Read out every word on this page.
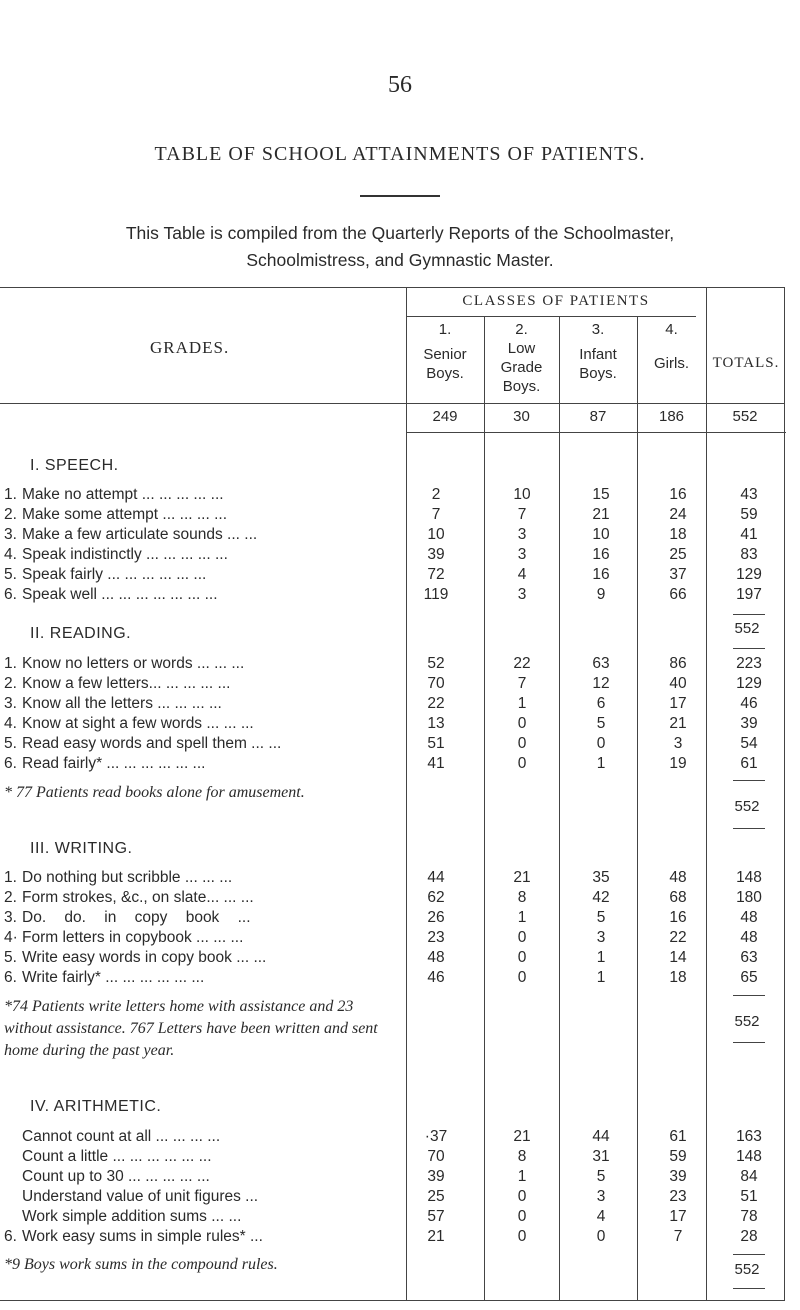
56
TABLE OF SCHOOL ATTAINMENTS OF PATIENTS.
This Table is compiled from the Quarterly Reports of the Schoolmaster,
Schoolmistress, and Gymnastic Master.
GRADES.
CLASSES OF PATIENTS
TOTALS.
1.
Senior
Boys.
2.
Low
Grade
Boys.
3.
Infant
Boys.
4.
Girls.
249	30	87	186	552
I. SPEECH.
1. Make no attempt ... ... ... ... ...	2	10	15	16	43
2. Make some attempt ... ... ... ...	7	7	21	24	59
3. Make a few articulate sounds ... ...	10	3	10	18	41
4. Speak indistinctly ... ... ... ... ...	39	3	16	25	83
5. Speak fairly ... ... ... ... ... ...	72	4	16	37	129
6. Speak well ... ... ... ... ... ... ...	119	3	9	66	197
552
II. READING.
1. Know no letters or words ... ... ...	52	22	63	86	223
2. Know a few letters... ... ... ... ...	70	7	12	40	129
3. Know all the letters ... ... ... ...	22	1	6	17	46
4. Know at sight a few words ... ... ...	13	0	5	21	39
5. Read easy words and spell them ... ...	51	0	0	3	54
6. Read fairly* ... ... ... ... ... ...	41	0	1	19	61
* 77 Patients read books alone for amusement.
552
III. WRITING.
1. Do nothing but scribble ... ... ...	44	21	35	48	148
2. Form strokes, &c., on slate... ... ...	62	8	42	68	180
3. Do. do. in copy book ...	26	1	5	16	48
4· Form letters in copybook ... ... ...	23	0	3	22	48
5. Write easy words in copy book ... ...	48	0	1	14	63
6. Write fairly* ... ... ... ... ... ...	46	0	1	18	65
*74 Patients write letters home with assistance and 23 without assistance. 767 Letters have been written and sent home during the past year.
552
IV. ARITHMETIC.
Cannot count at all ... ... ... ...	·37	21	44	61	163
Count a little ... ... ... ... ... ...	70	8	31	59	148
Count up to 30 ... ... ... ... ...	39	1	5	39	84
Understand value of unit figures ...	25	0	3	23	51
Work simple addition sums ... ...	57	0	4	17	78
6. Work easy sums in simple rules* ...	21	0	0	7	28
*9 Boys work sums in the compound rules.	552
